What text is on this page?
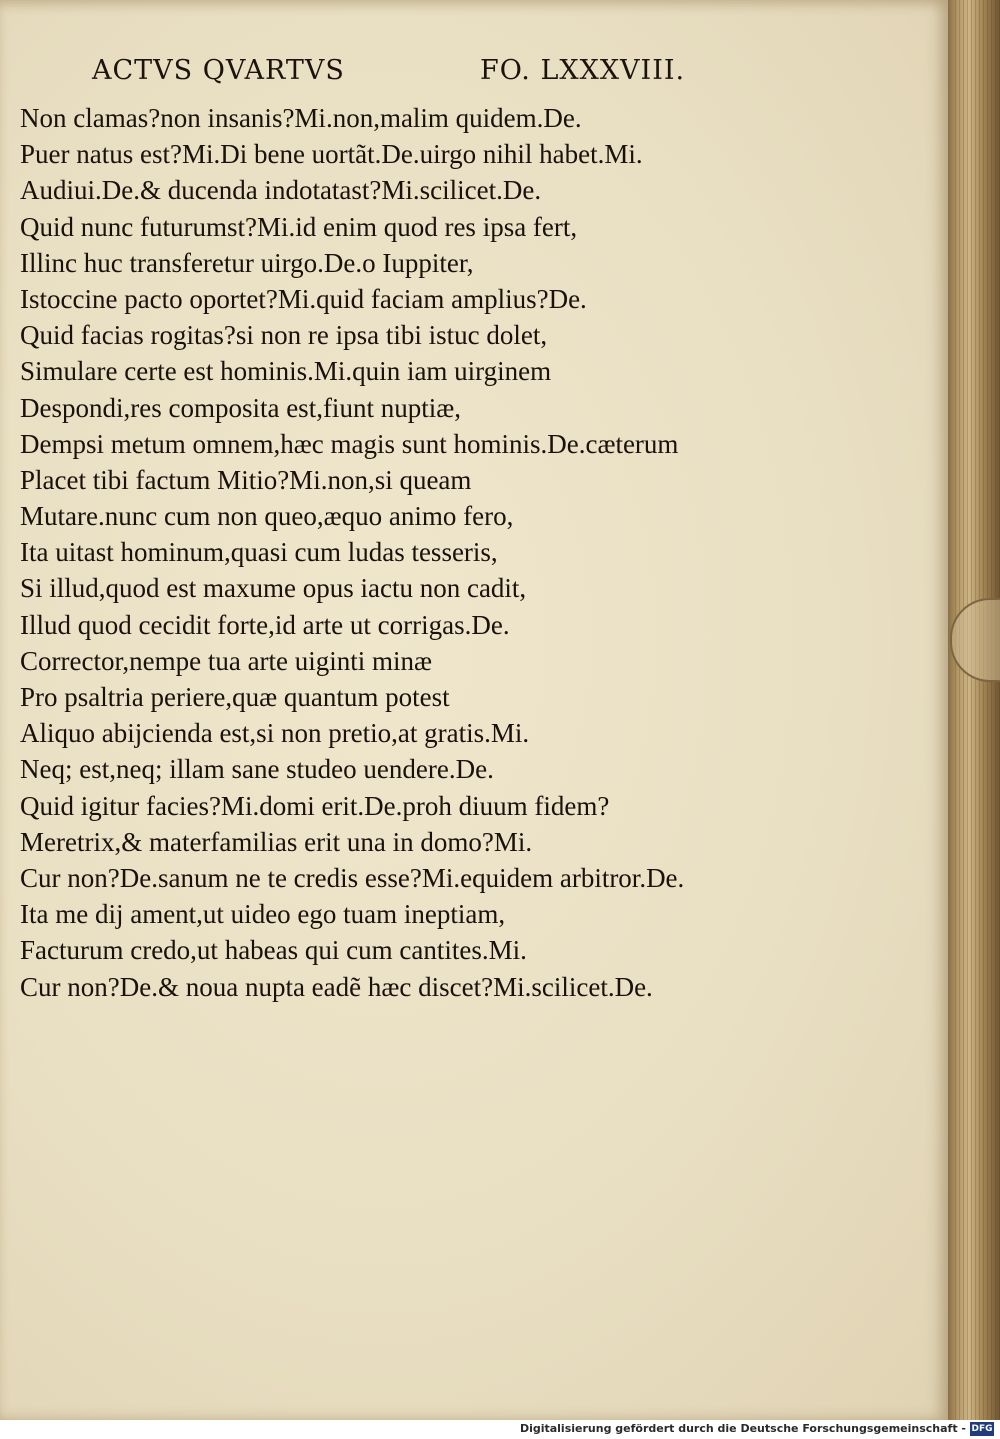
ACTVS QVARTVS	FO. LXXXVIII.
Non clamas?non insanis?Mi.non,malim quidem.De.
Puer natus est?Mi.Di bene uortãt.De.uirgo nihil habet.Mi.
Audiui.De.& ducenda indotatast?Mi.scilicet.De.
Quid nunc futurumst?Mi.id enim quod res ipsa fert,
Illinc huc transferetur uirgo.De.o Iuppiter,
Istoccine pacto oportet?Mi.quid faciam amplius?De.
Quid facias rogitas?si non re ipsa tibi istuc dolet,
Simulare certe est hominis.Mi.quin iam uirginem
Despondi,res composita est,fiunt nuptiæ,
Dempsi metum omnem,hæc magis sunt hominis.De.cæterum
Placet tibi factum Mitio?Mi.non,si queam
Mutare.nunc cum non queo,æquo animo fero,
Ita uitast hominum,quasi cum ludas tesseris,
Si illud,quod est maxume opus iactu non cadit,
Illud quod cecidit forte,id arte ut corrigas.De.
Corrector,nempe tua arte uiginti minæ
Pro psaltria periere,quæ quantum potest
Aliquo abijcienda est,si non pretio,at gratis.Mi.
Neq; est,neq; illam sane studeo uendere.De.
Quid igitur facies?Mi.domi erit.De.proh diuum fidem?
Meretrix,& materfamilias erit una in domo?Mi.
Cur non?De.sanum ne te credis esse?Mi.equidem arbitror.De.
Ita me dij ament,ut uideo ego tuam ineptiam,
Facturum credo,ut habeas qui cum cantites.Mi.
Cur non?De.& noua nupta eadẽ hæc discet?Mi.scilicet.De.
Digitalisierung gefördert durch die Deutsche Forschungsgemeinschaft - DFG
